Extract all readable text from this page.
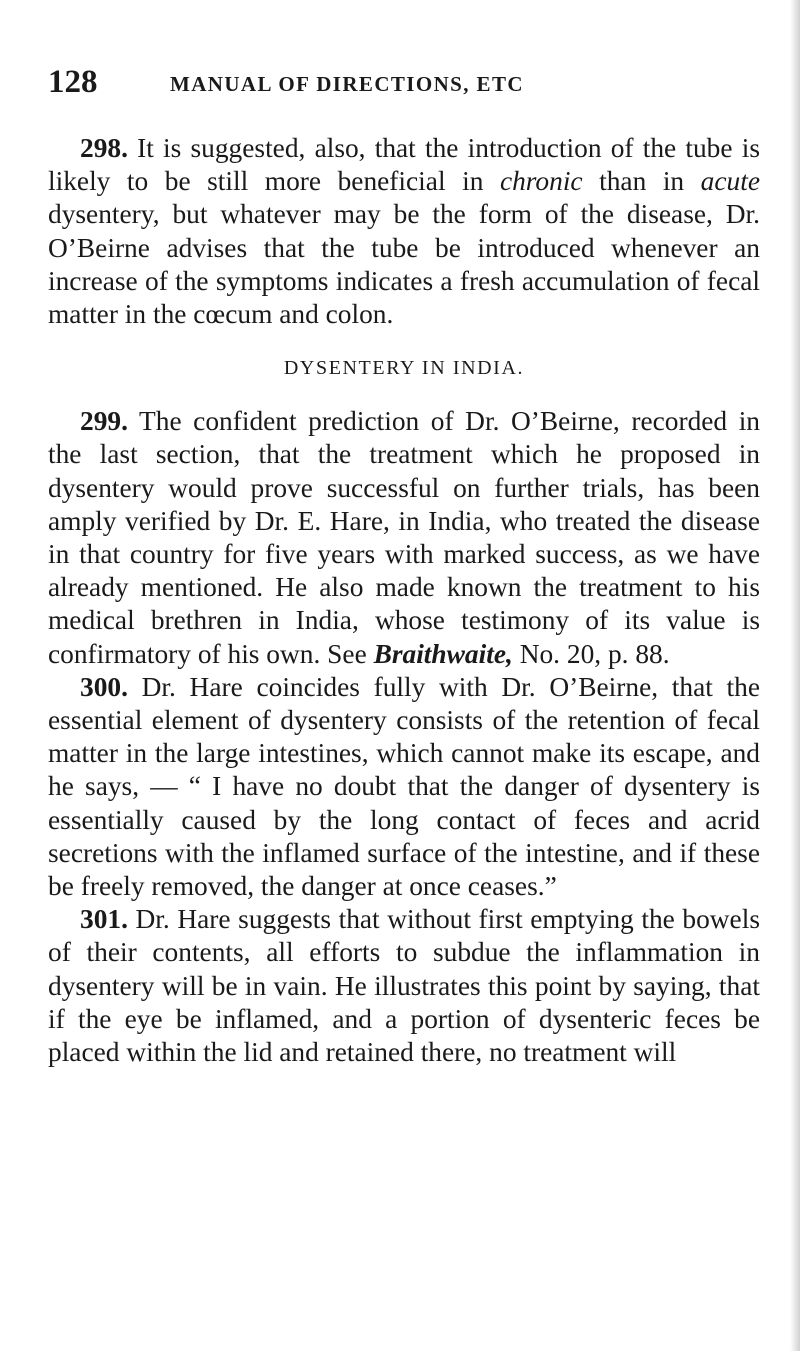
128	MANUAL OF DIRECTIONS, ETC

298. It is suggested, also, that the introduction of the tube is likely to be still more beneficial in chronic than in acute dysentery, but whatever may be the form of the disease, Dr. O’Beirne advises that the tube be introduced whenever an increase of the symptoms indicates a fresh accumulation of fecal matter in the cœcum and colon.

DYSENTERY IN INDIA.

299. The confident prediction of Dr. O’Beirne, recorded in the last section, that the treatment which he proposed in dysentery would prove successful on further trials, has been amply verified by Dr. E. Hare, in India, who treated the disease in that country for five years with marked success, as we have already mentioned. He also made known the treatment to his medical brethren in India, whose testimony of its value is confirmatory of his own. See Braithwaite, No. 20, p. 88.

300. Dr. Hare coincides fully with Dr. O’Beirne, that the essential element of dysentery consists of the retention of fecal matter in the large intestines, which cannot make its escape, and he says, — “ I have no doubt that the danger of dysentery is essentially caused by the long contact of feces and acrid secretions with the inflamed surface of the intestine, and if these be freely removed, the danger at once ceases.”

301. Dr. Hare suggests that without first emptying the bowels of their contents, all efforts to subdue the inflammation in dysentery will be in vain. He illustrates this point by saying, that if the eye be inflamed, and a portion of dysenteric feces be placed within the lid and retained there, no treatment will
